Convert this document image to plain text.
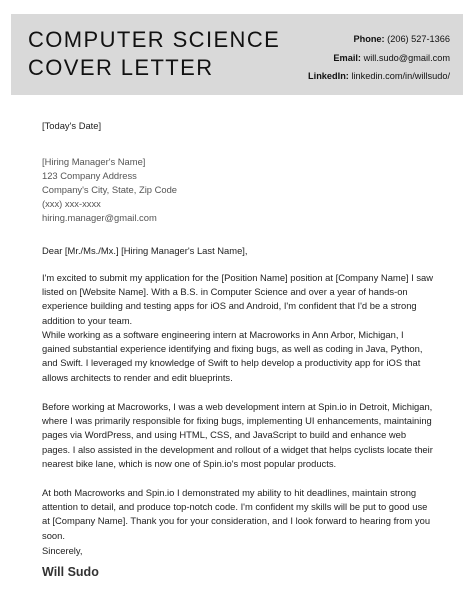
COMPUTER SCIENCE
COVER LETTER
Phone: (206) 527-1366
Email: will.sudo@gmail.com
LinkedIn: linkedin.com/in/willsudo/
[Today's Date]
[Hiring Manager's Name]
123 Company Address
Company's City, State, Zip Code
(xxx) xxx-xxxx
hiring.manager@gmail.com
Dear [Mr./Ms./Mx.] [Hiring Manager's Last Name],
I'm excited to submit my application for the [Position Name] position at [Company Name] I saw listed on [Website Name]. With a B.S. in Computer Science and over a year of hands-on experience building and testing apps for iOS and Android, I'm confident that I'd be a strong addition to your team.
While working as a software engineering intern at Macroworks in Ann Arbor, Michigan, I gained substantial experience identifying and fixing bugs, as well as coding in Java, Python, and Swift. I leveraged my knowledge of Swift to help develop a productivity app for iOS that allows architects to render and edit blueprints.
Before working at Macroworks, I was a web development intern at Spin.io in Detroit, Michigan, where I was primarily responsible for fixing bugs, implementing UI enhancements, maintaining pages via WordPress, and using HTML, CSS, and JavaScript to build and enhance web pages. I also assisted in the development and rollout of a widget that helps cyclists locate their nearest bike lane, which is now one of Spin.io's most popular products.
At both Macroworks and Spin.io I demonstrated my ability to hit deadlines, maintain strong attention to detail, and produce top-notch code. I'm confident my skills will be put to good use at [Company Name]. Thank you for your consideration, and I look forward to hearing from you soon.
Sincerely,
Will Sudo
